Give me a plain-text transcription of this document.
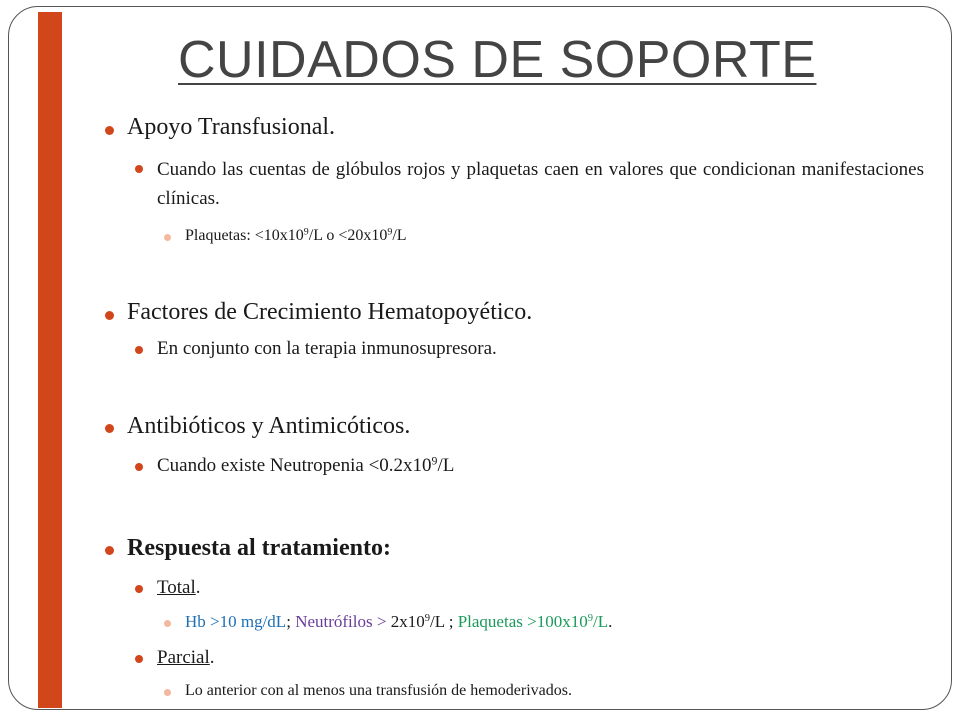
CUIDADOS DE SOPORTE
Apoyo Transfusional.

Cuando las cuentas de glóbulos rojos y plaquetas caen en valores que condicionan manifestaciones clínicas.

Plaquetas: $<10x10^9/L$ $o <20x10^9/L$
Factores de Crecimiento Hematopoyético.
En conjunto con la terapia inmunosupresora.
Antibióticos y Antimicóticos.
Cuando existe Neutropenia $<0.2x10^9/L$
Respuesta al tratamiento:
Total.
Hb >10 mg/dL; Neutrófilos > $2x10^9/L$ ; Plaquetas $>100x10^9/L$.
Parcial.
Lo anterior con al menos una transfusión de hemoderivados.
